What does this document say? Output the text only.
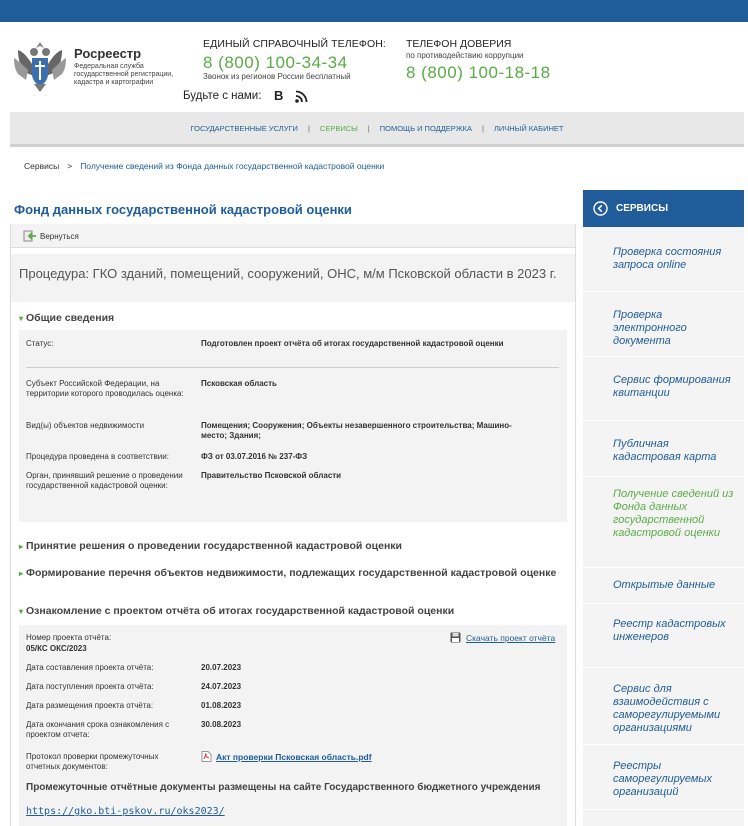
Росреестр
Федеральная служба государственной регистрации, кадастра и картографии
ЕДИНЫЙ СПРАВОЧНЫЙ ТЕЛЕФОН:
8 (800) 100-34-34
Звонок из регионов России бесплатный
ТЕЛЕФОН ДОВЕРИЯ
по противодействию коррупции
8 (800) 100-18-18
Будьте с нами: B
ГОСУДАРСТВЕННЫЕ УСЛУГИ | СЕРВИСЫ | ПОМОЩЬ И ПОДДЕРЖКА | ЛИЧНЫЙ КАБИНЕТ
Сервисы > Получение сведений из Фонда данных государственной кадастровой оценки
Фонд данных государственной кадастровой оценки
Вернуться
Процедура: ГКО зданий, помещений, сооружений, ОНС, м/м Псковской области в 2023 г.
▾ Общие сведения
Статус:	Подготовлен проект отчёта об итогах государственной кадастровой оценки
Субъект Российской Федерации, на территории которого проводилась оценка:
Псковская область
Вид(ы) объектов недвижимости	Помещения; Сооружения; Объекты незавершенного строительства; Машино-место; Здания;
Процедура проведена в соответствии:	ФЗ от 03.07.2016 № 237-ФЗ
Орган, принявший решение о проведении государственной кадастровой оценки:
Правительство Псковской области
▸ Принятие решения о проведении государственной кадастровой оценки
▸ Формирование перечня объектов недвижимости, подлежащих государственной кадастровой оценке
▾ Ознакомление с проектом отчёта об итогах государственной кадастровой оценки
Номер проекта отчёта:
05/КС ОКС/2023
Скачать проект отчёта
Дата составления проекта отчёта:	20.07.2023
Дата поступления проекта отчёта:	24.07.2023
Дата размещения проекта отчёта:	01.08.2023
Дата окончания срока ознакомления с проектом отчета:
30.08.2023
Протокол проверки промежуточных отчетных документов:
Акт проверки Псковская область.pdf
Промежуточные отчётные документы размещены на сайте Государственного бюджетного учреждения
https://gko.bti-pskov.ru/oks2023/
СЕРВИСЫ
Проверка состояния запроса online
Проверка электронного документа
Сервис формирования квитанции
Публичная кадастровая карта
Получение сведений из Фонда данных государственной кадастровой оценки
Открытые данные
Реестр кадастровых инженеров
Сервис для взаимодействия с саморегулируемыми организациями
Реестры саморегулируемых организаций
